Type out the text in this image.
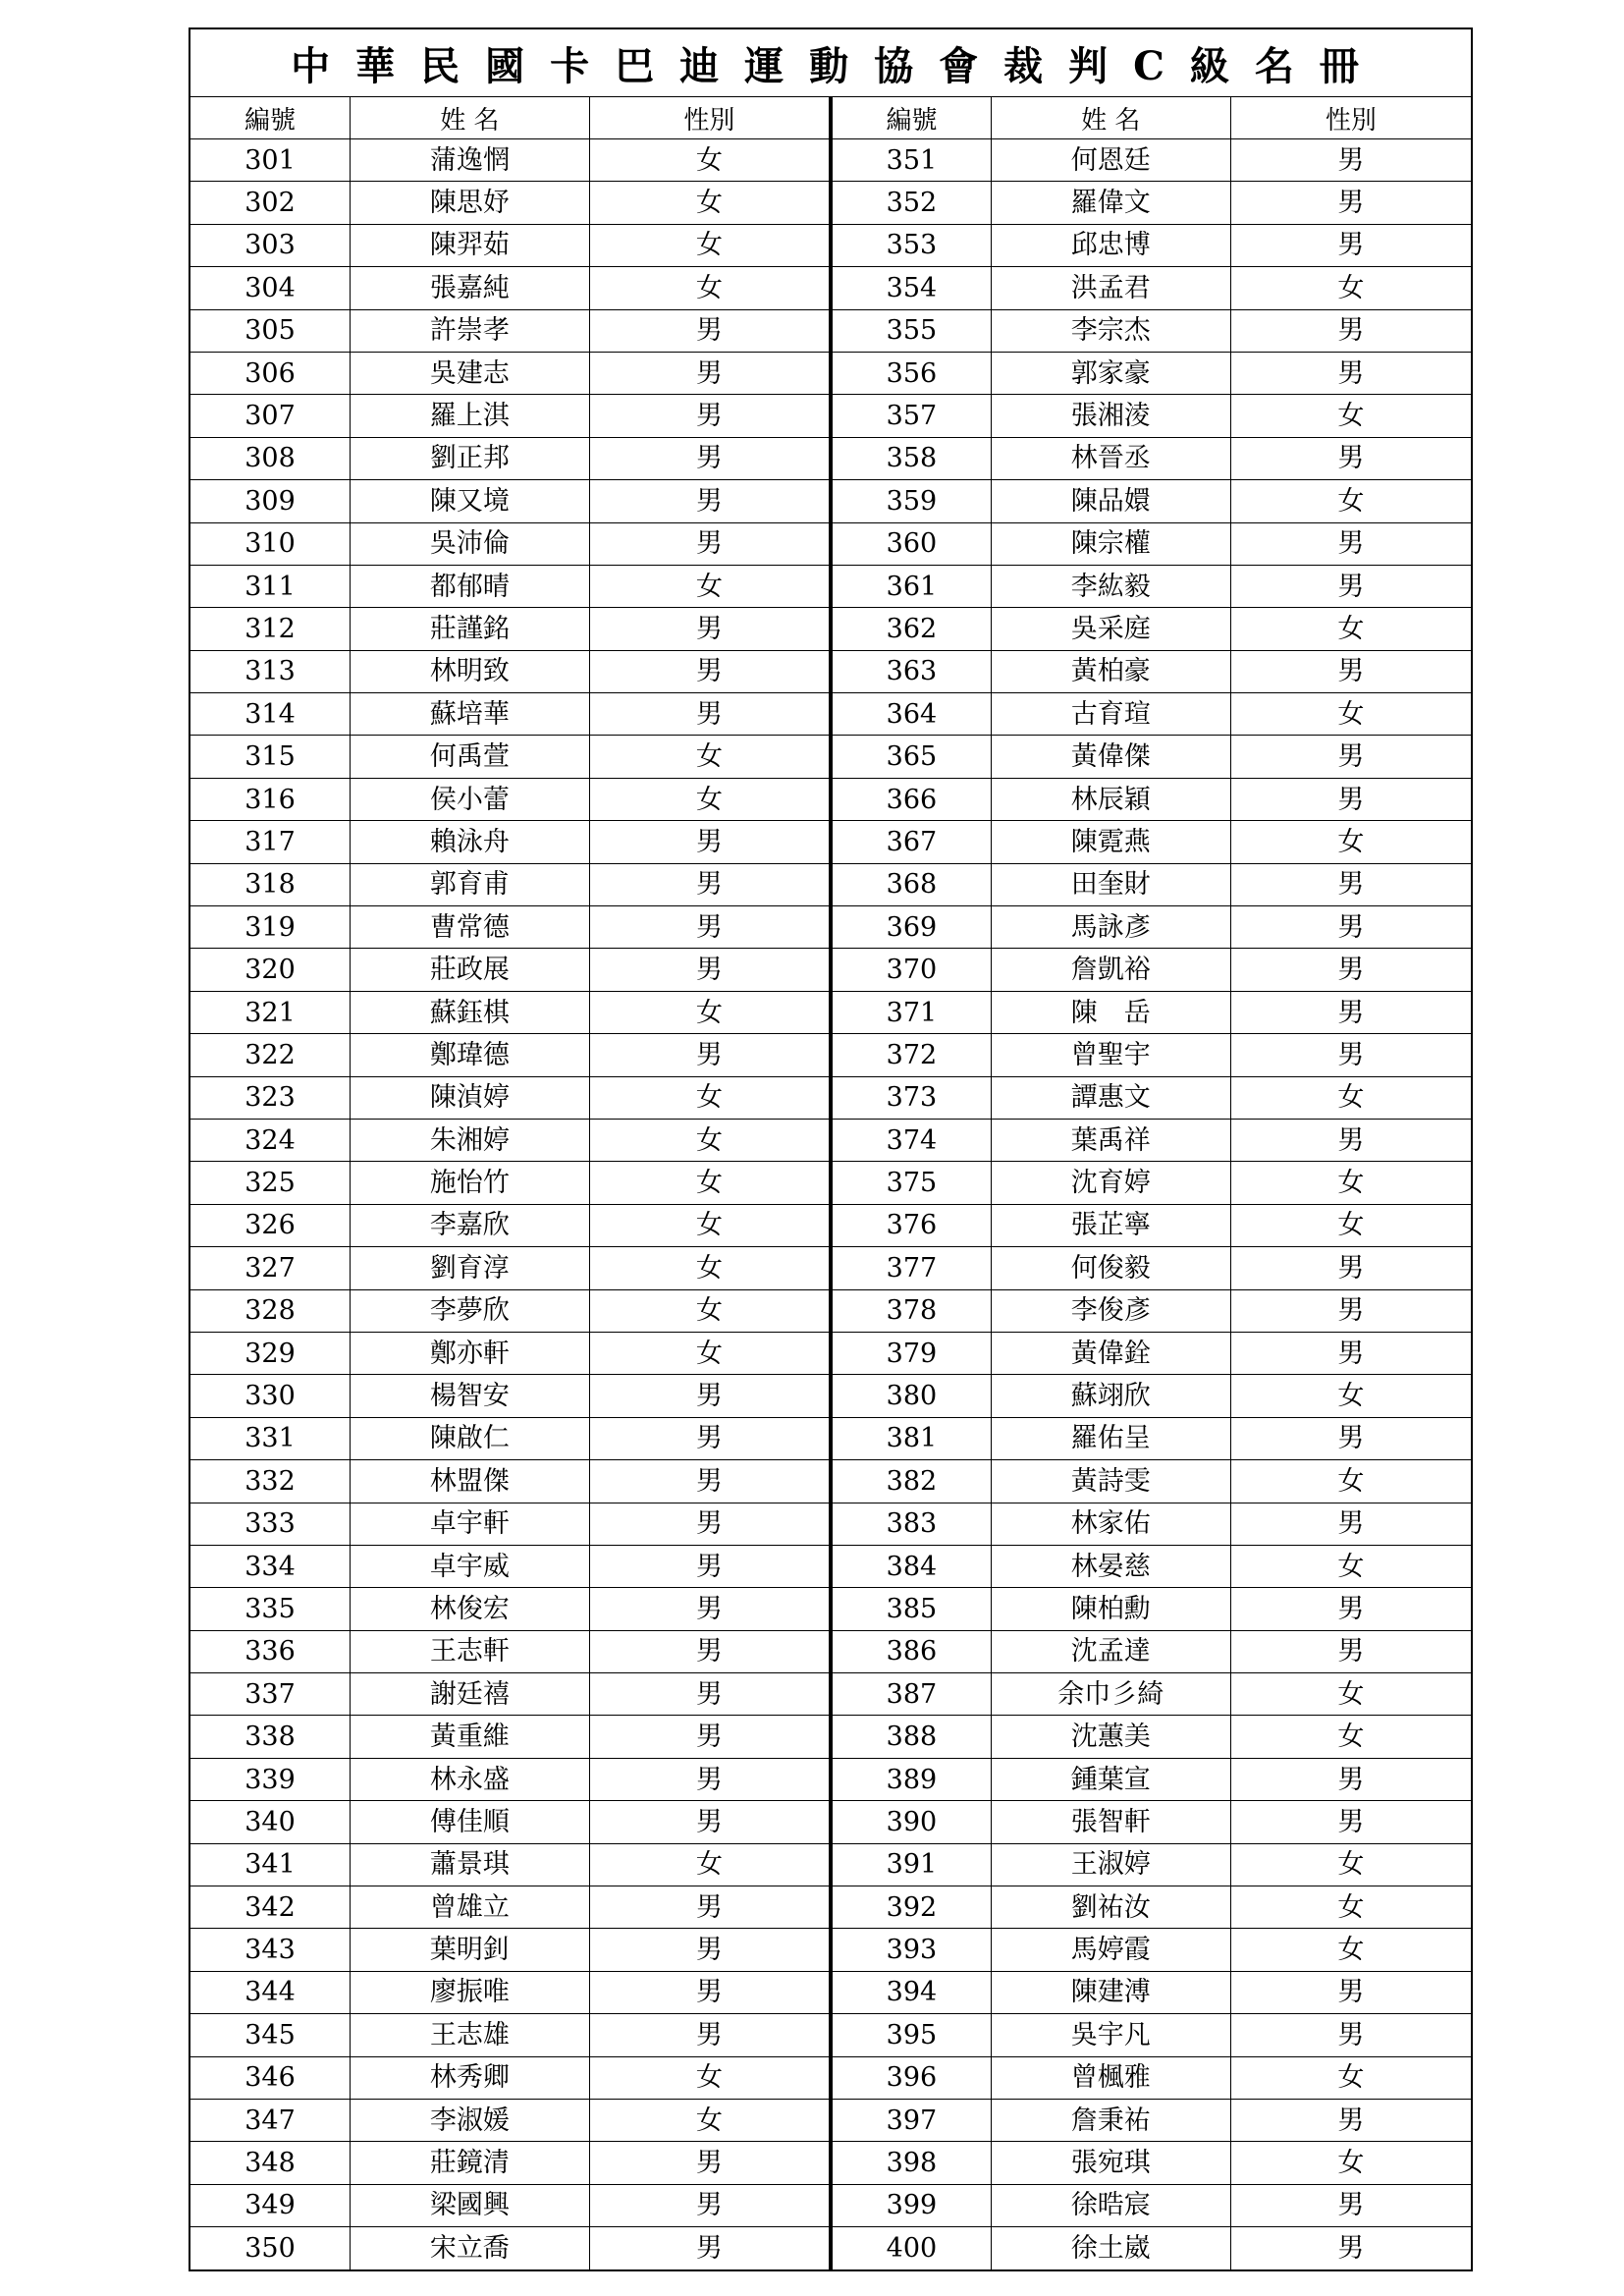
中華民國卡巴迪運動協會裁判C級名冊					
編號	姓 名	性別	編號	姓 名	性別
301	蒲逸惘	女	351	何恩廷	男
302	陳思妤	女	352	羅偉文	男
303	陳羿茹	女	353	邱忠博	男
304	張嘉純	女	354	洪孟君	女
305	許崇孝	男	355	李宗杰	男
306	吳建志	男	356	郭家豪	男
307	羅上淇	男	357	張湘淩	女
308	劉正邦	男	358	林晉丞	男
309	陳又境	男	359	陳品嬛	女
310	吳沛倫	男	360	陳宗權	男
311	都郁晴	女	361	李紘毅	男
312	莊謹銘	男	362	吳采庭	女
313	林明致	男	363	黃柏豪	男
314	蘇培華	男	364	古育瑄	女
315	何禹萱	女	365	黃偉傑	男
316	侯小蕾	女	366	林辰穎	男
317	賴泳舟	男	367	陳霓燕	女
318	郭育甫	男	368	田奎財	男
319	曹常德	男	369	馬詠彥	男
320	莊政展	男	370	詹凱裕	男
321	蘇鈺棋	女	371	陳　岳	男
322	鄭瑋德	男	372	曾聖宇	男
323	陳湞婷	女	373	譚惠文	女
324	朱湘婷	女	374	葉禹祥	男
325	施怡竹	女	375	沈育婷	女
326	李嘉欣	女	376	張芷寧	女
327	劉育淳	女	377	何俊毅	男
328	李夢欣	女	378	李俊彥	男
329	鄭亦軒	女	379	黃偉銓	男
330	楊智安	男	380	蘇翊欣	女
331	陳啟仁	男	381	羅佑呈	男
332	林盟傑	男	382	黃詩雯	女
333	卓宇軒	男	383	林家佑	男
334	卓宇威	男	384	林晏慈	女
335	林俊宏	男	385	陳柏勳	男
336	王志軒	男	386	沈孟達	男
337	謝廷禧	男	387	余巾彡綺	女
338	黃重維	男	388	沈蕙美	女
339	林永盛	男	389	鍾葉宣	男
340	傅佳順	男	390	張智軒	男
341	蕭景琪	女	391	王淑婷	女
342	曾雄立	男	392	劉祐汝	女
343	葉明釗	男	393	馬婷霞	女
344	廖振唯	男	394	陳建溥	男
345	王志雄	男	395	吳宇凡	男
346	林秀卿	女	396	曾楓雅	女
347	李淑媛	女	397	詹秉祐	男
348	莊鏡清	男	398	張宛琪	女
349	梁國興	男	399	徐晧宸	男
350	宋立喬	男	400	徐土崴	男
